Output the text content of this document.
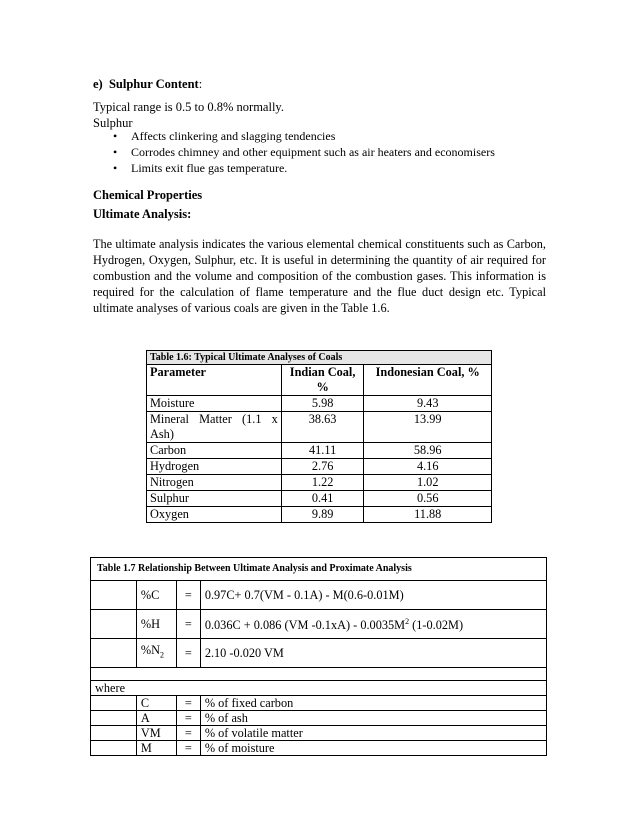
e) Sulphur Content:
Typical range is 0.5 to 0.8% normally.
Sulphur
• Affects clinkering and slagging tendencies
• Corrodes chimney and other equipment such as air heaters and economisers
• Limits exit flue gas temperature.
Chemical Properties
Ultimate Analysis:
The ultimate analysis indicates the various elemental chemical constituents such as Carbon, Hydrogen, Oxygen, Sulphur, etc. It is useful in determining the quantity of air required for combustion and the volume and composition of the combustion gases. This information is required for the calculation of flame temperature and the flue duct design etc. Typical ultimate analyses of various coals are given in the Table 1.6.
Table 1.6: Typical Ultimate Analyses of Coals		
Parameter	Indian Coal, %	Indonesian Coal, %
Moisture	5.98	9.43

Mineral Matter (1.1 x
Ash)	38.63	13.99
Carbon	41.11	58.96
Hydrogen	2.76	4.16
Nitrogen	1.22	1.02
Sulphur	0.41	0.56
Oxygen	9.89	11.88
Table 1.7 Relationship Between Ultimate Analysis and Proximate Analysis			
	%C	=	0.97C+ 0.7(VM - 0.1A) - M(0.6-0.01M)
	%H	=	0.036C + 0.086 (VM $-0.1xA) - 0.0035M^2$ (1-0.02M)
	$\%N_2$	=	2.10 -0.020 VM

where			
	C	=	% of fixed carbon
	A	=	% of ash
	VM	=	% of volatile matter
	M	=	% of moisture
